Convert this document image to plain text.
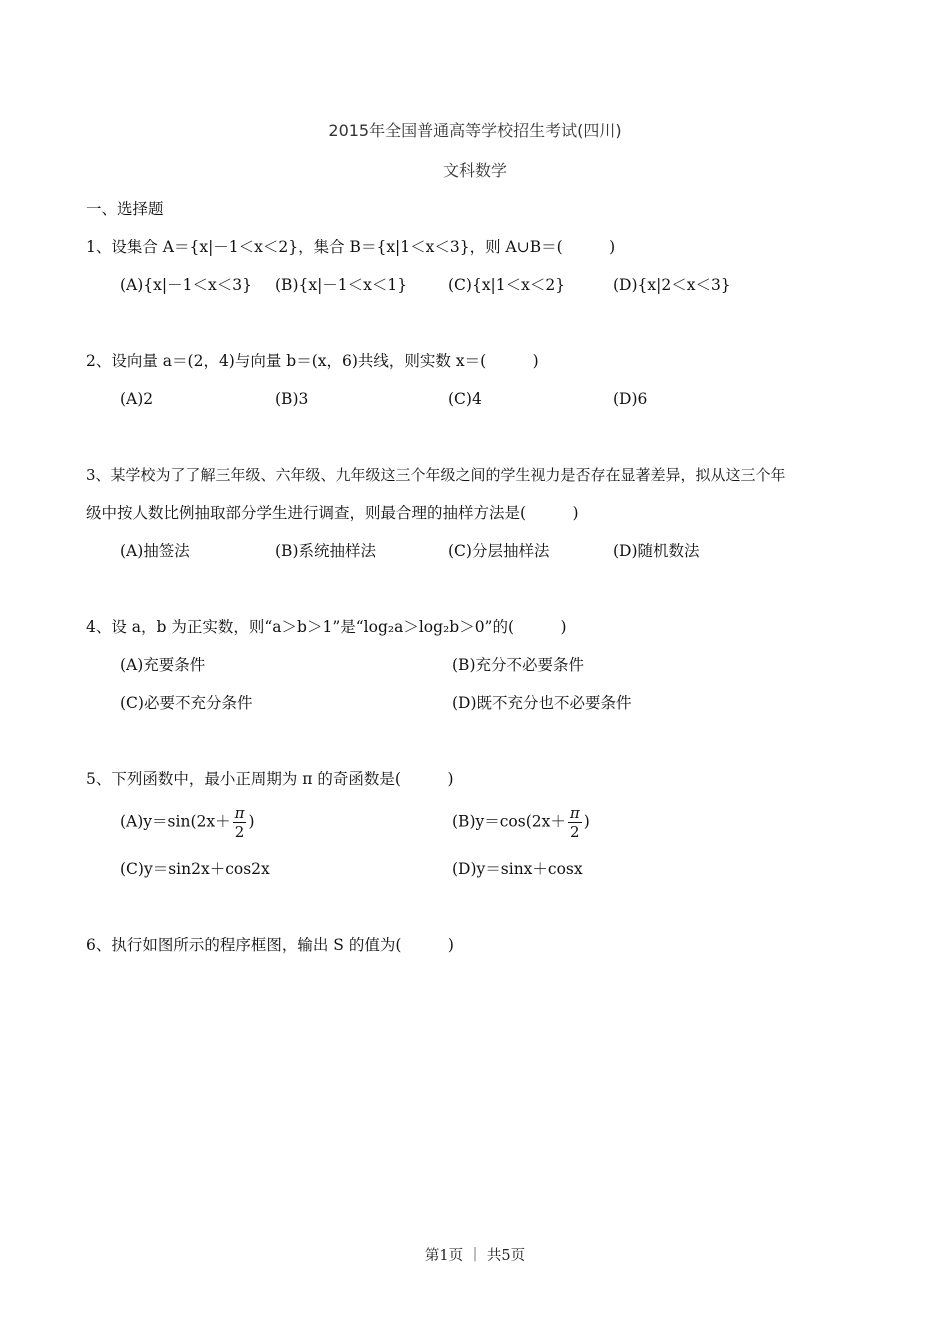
2015年全国普通高等学校招生考试(四川)
文科数学
一、选择题
1、设集合 A＝{x|－1＜x＜2}，集合 B＝{x|1＜x＜3}，则 A∪B＝(　　　)
(A){x|－1＜x＜3} (B){x|－1＜x＜1}	(C){x|1＜x＜2}	(D){x|2＜x＜3}
2、设向量 a＝(2，4)与向量 b＝(x，6)共线，则实数 x＝(　　　)
(A)2	(B)3	(C)4	(D)6
3、某学校为了了解三年级、六年级、九年级这三个年级之间的学生视力是否存在显著差异，拟从这三个年
级中按人数比例抽取部分学生进行调查，则最合理的抽样方法是(　　　)
(A)抽签法	(B)系统抽样法	(C)分层抽样法	(D)随机数法
4、设 a，b 为正实数，则“a＞b＞1”是“log₂a＞log₂b＞0”的(　　　)
(A)充要条件	(B)充分不必要条件
(C)必要不充分条件	(D)既不充分也不必要条件
5、下列函数中，最小正周期为 π 的奇函数是(　　　)
$(A)y=\sin(2x+ \frac{\pi}{2}$ )	$(B)y=\cos(2x+ \frac{\pi}{2}$ )
(C)y＝sin2x＋cos2x	(D)y＝sinx＋cosx
6、执行如图所示的程序框图，输出 S 的值为(　　　)
第1页 ｜ 共5页
